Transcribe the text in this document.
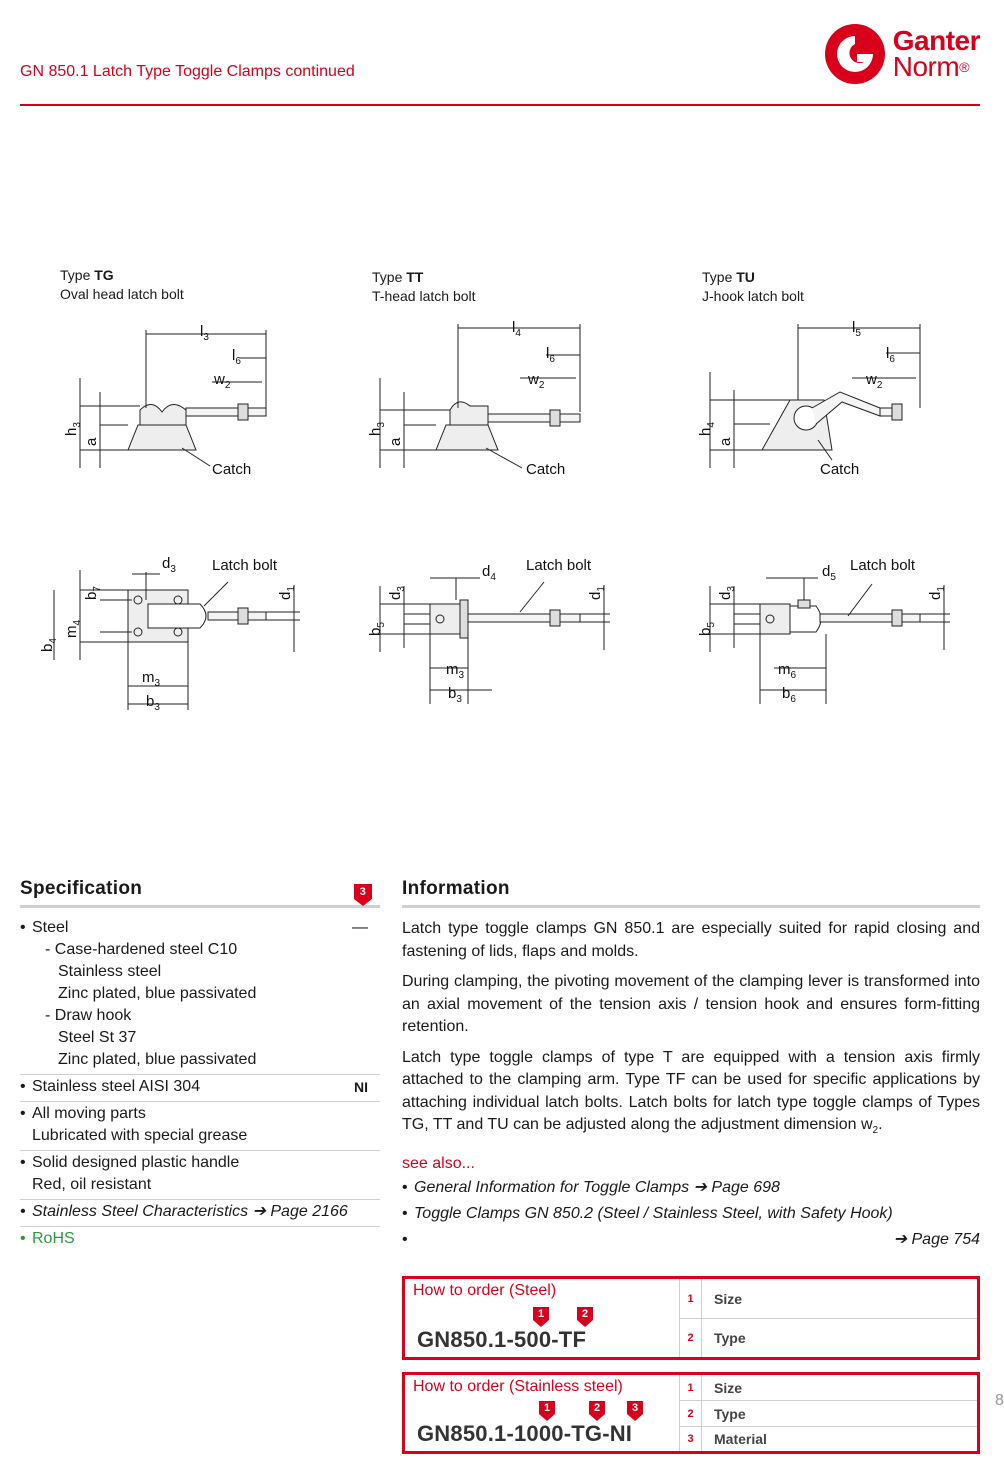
GN 850.1 Latch Type Toggle Clamps continued
Ganter
Norm®
Type TG
Oval head latch bolt
Type TT
T-head latch bolt
Type TU
J-hook latch bolt
$l_3$
$l_6$
$w_2$
$l_4$
$l_6$
$w_2$
$l_5$
$l_6$
$w_2$
$d_3$	$d_4$	$d_5$
$m_3$
$b_3$
$m_3$
$b_3$
$m_6$
$b_6$
$h_3$
a
$h_3$
a
$h_4$
a
$b_4$
$m_4$
$b_7$
$d_1$
$b_5$
$d_3$
$d_1$
$b_5$
$d_3$
$d_1$
Catch	Catch	Catch
Latch bolt	Latch bolt	Latch bolt
Specification	3
• Steel	—
- Case-hardened steel C10
Stainless steel
Zinc plated, blue passivated
- Draw hook
Steel St 37
Zinc plated, blue passivated
• Stainless steel AISI 304	NI
• All moving parts
Lubricated with special grease
• Solid designed plastic handle
Red, oil resistant
• Stainless Steel Characteristics ➔ Page 2166
• RoHS
Information

Latch type toggle clamps GN 850.1 are especially suited for rapid closing and fastening of lids, flaps and molds.

During clamping, the pivoting movement of the clamping lever is transformed into an axial movement of the tension axis / tension hook and ensures form-fitting retention.

Latch type toggle clamps of type T are equipped with a tension axis firmly attached to the clamping arm. Type TF can be used for specific applications by attaching individual latch bolts. Latch bolts for latch type toggle clamps of Types TG, TT and TU can be adjusted along the adjustment dimension $w_2$.

see also...
• General Information for Toggle Clamps ➔ Page 698
• Toggle Clamps GN 850.2 (Steel / Stainless Steel, with Safety Hook)
• ➔ Page 754
How to order (Steel)
1	2
GN850.1-500-TF
1	Size
2	Type
How to order (Stainless steel)
1	2	3
GN850.1-1000-TG-NI
1	Size
2	Type
3	Material
8
